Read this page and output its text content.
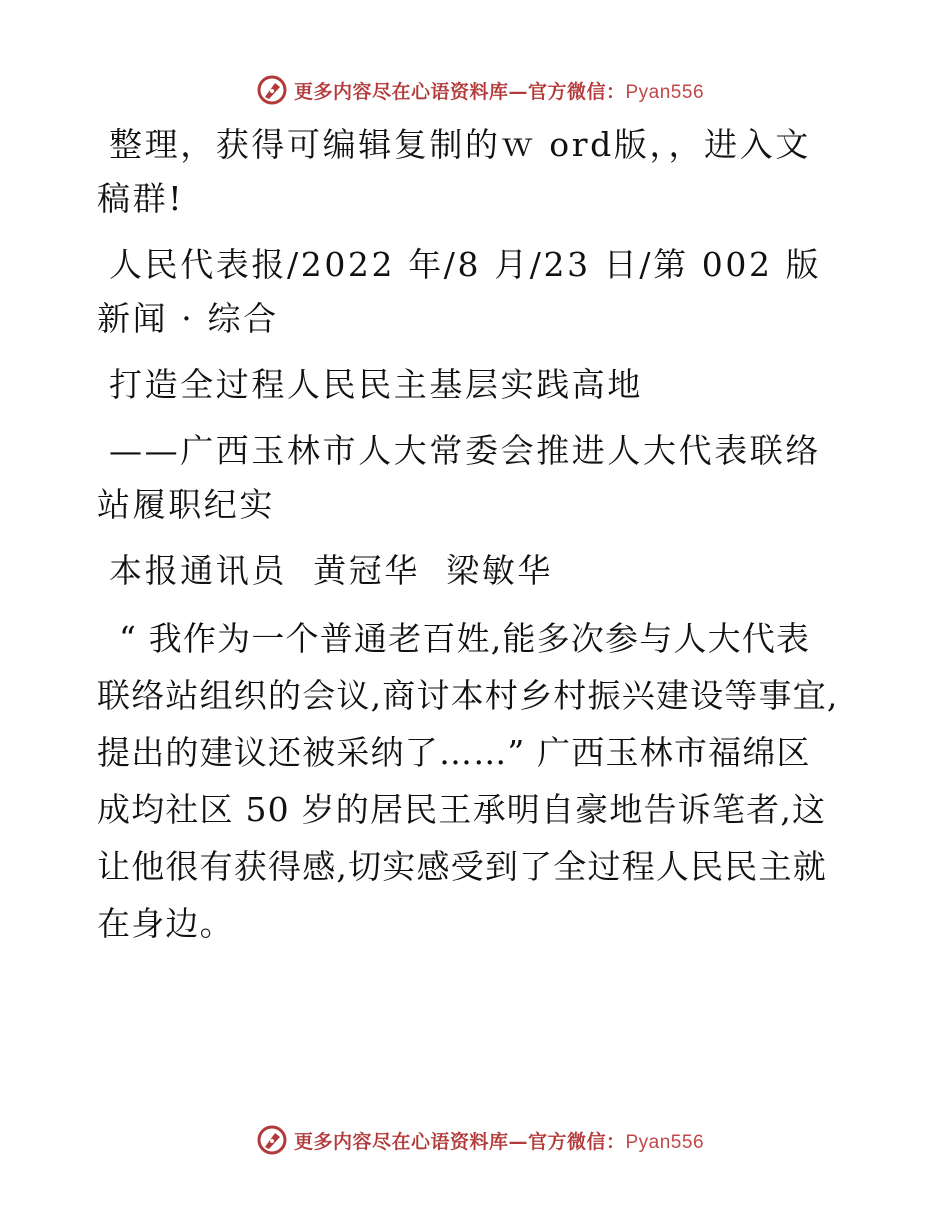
更多内容尽在心语资料库—官方微信：Pyan556

整理，获得可编辑复制的ｗ ord版，，进入文稿群!

人民代表报/2022 年/8 月/23 日/第 002 版新闻 · 综合

打造全过程人民民主基层实践高地

——广西玉林市人大常委会推进人大代表联络站履职纪实

本报通讯员  黄冠华  梁敏华

“ 我作为一个普通老百姓,能多次参与人大代表联络站组织的会议,商讨本村乡村振兴建设等事宜,提出的建议还被采纳了……” 广西玉林市福绵区成均社区 50 岁的居民王承明自豪地告诉笔者,这让他很有获得感,切实感受到了全过程人民民主就在身边。

更多内容尽在心语资料库—官方微信：Pyan556
